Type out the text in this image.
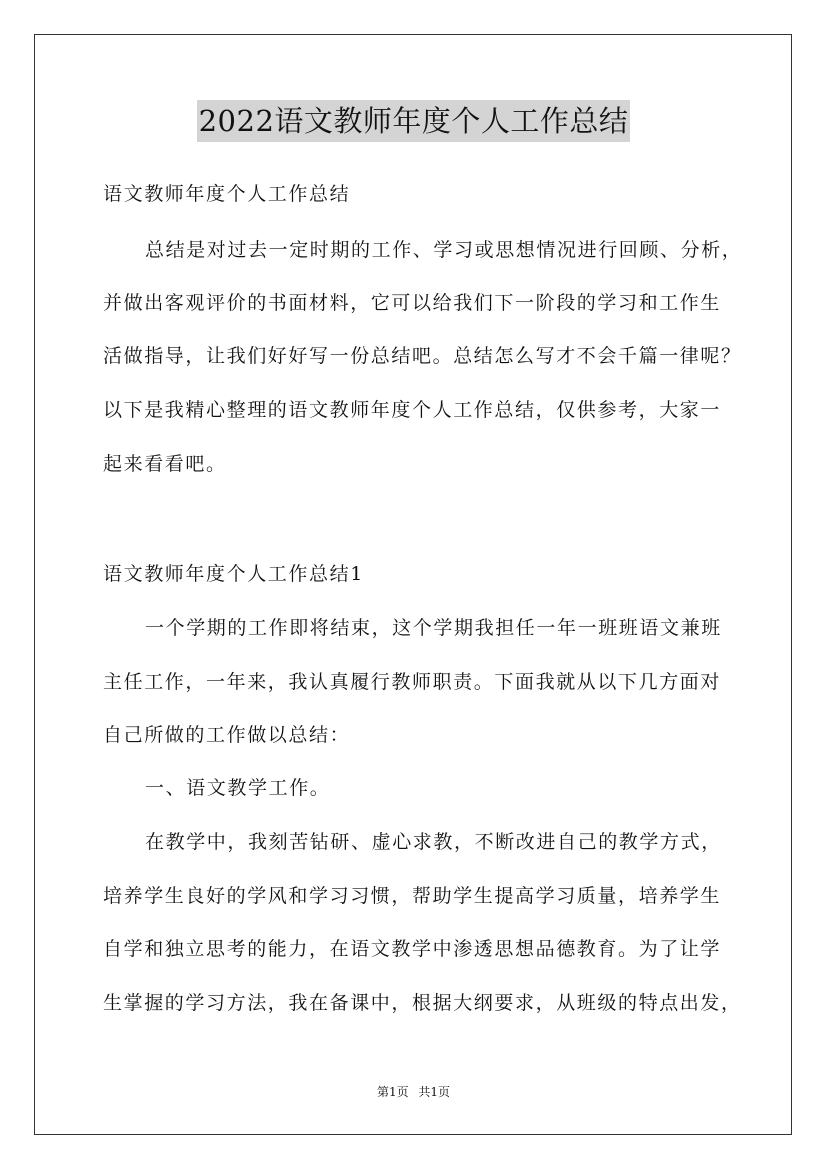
2022语文教师年度个人工作总结
语文教师年度个人工作总结
总结是对过去一定时期的工作、学习或思想情况进行回顾、分析，
并做出客观评价的书面材料，它可以给我们下一阶段的学习和工作生
活做指导，让我们好好写一份总结吧。总结怎么写才不会千篇一律呢？
以下是我精心整理的语文教师年度个人工作总结，仅供参考，大家一
起来看看吧。
语文教师年度个人工作总结1
一个学期的工作即将结束，这个学期我担任一年一班班语文兼班
主任工作，一年来，我认真履行教师职责。下面我就从以下几方面对
自己所做的工作做以总结：
一、语文教学工作。
在教学中，我刻苦钻研、虚心求教，不断改进自己的教学方式，
培养学生良好的学风和学习习惯，帮助学生提高学习质量，培养学生
自学和独立思考的能力，在语文教学中渗透思想品德教育。为了让学
生掌握的学习方法，我在备课中，根据大纲要求，从班级的特点出发，
第1页 共1页
